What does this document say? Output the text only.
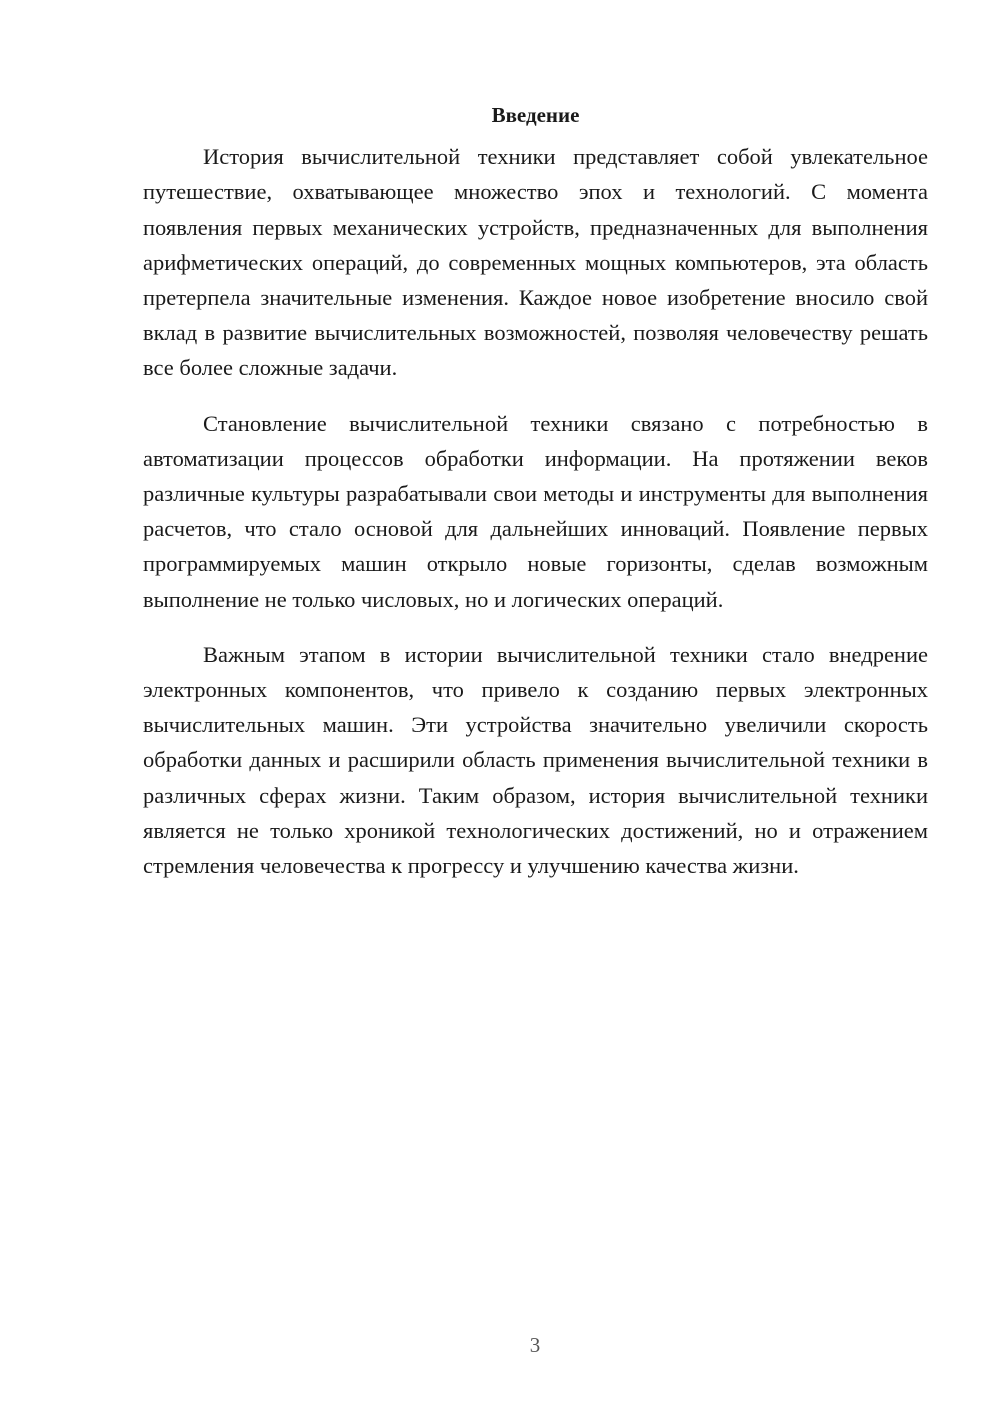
Введение

История вычислительной техники представляет собой увлекательное путешествие, охватывающее множество эпох и технологий. С момента появления первых механических устройств, предназначенных для выполнения арифметических операций, до современных мощных компьютеров, эта область претерпела значительные изменения. Каждое новое изобретение вносило свой вклад в развитие вычислительных возможностей, позволяя человечеству решать все более сложные задачи.

Становление вычислительной техники связано с потребностью в автоматизации процессов обработки информации. На протяжении веков различные культуры разрабатывали свои методы и инструменты для выполнения расчетов, что стало основой для дальнейших инноваций. Появление первых программируемых машин открыло новые горизонты, сделав возможным выполнение не только числовых, но и логических операций.

Важным этапом в истории вычислительной техники стало внедрение электронных компонентов, что привело к созданию первых электронных вычислительных машин. Эти устройства значительно увеличили скорость обработки данных и расширили область применения вычислительной техники в различных сферах жизни. Таким образом, история вычислительной техники является не только хроникой технологических достижений, но и отражением стремления человечества к прогрессу и улучшению качества жизни.

3
